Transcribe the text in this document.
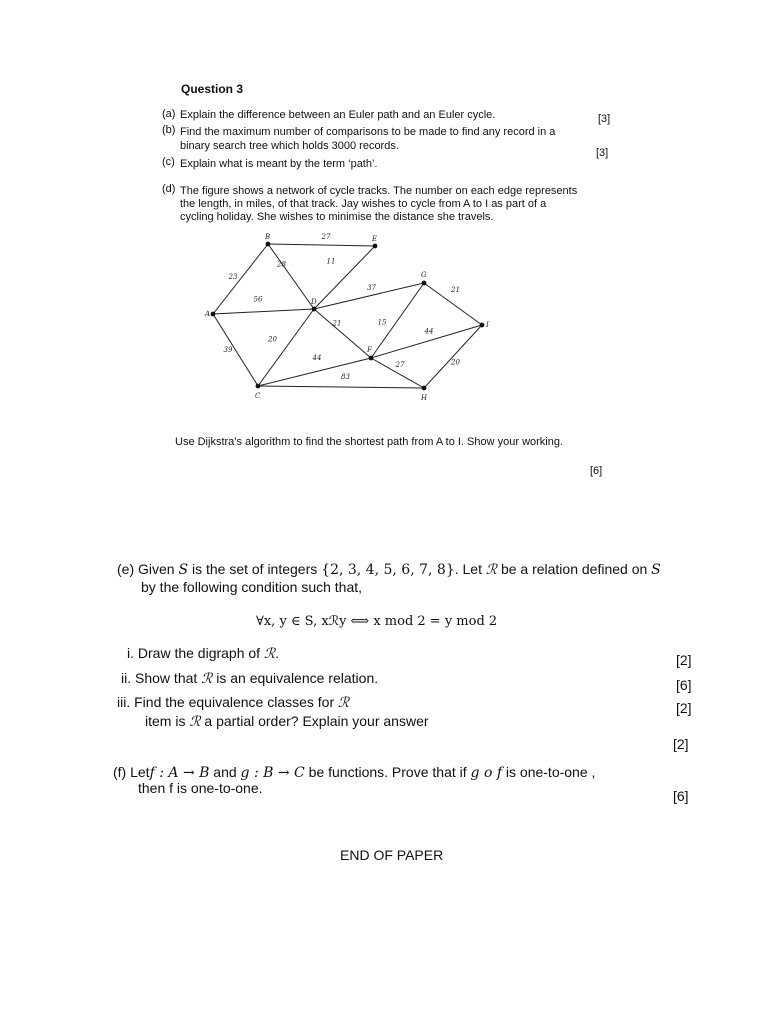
Question 3
(a) Explain the difference between an Euler path and an Euler cycle.	[3]
(b) Find the maximum number of comparisons to be made to find any record in a
binary search tree which holds 3000 records.
[3]
(c) Explain what is meant by the term ‘path’.
(d) The figure shows a network of cycle tracks. The number on each edge represents
the length, in miles, of that track. Jay wishes to cycle from A to I as part of a
cycling holiday. She wishes to minimise the distance she travels.
27
23
28	11
37	21
56
21	15
44
20
39
20
44
27
83
A
B
C
D
E
F
G
H
I
Use Dijkstra’s algorithm to find the shortest path from A to I. Show your working.
[6]
(e) Given S is the set of integers {2, 3, 4, 5, 6, 7, 8}. Let ℛ be a relation defined on S
by the following condition such that,
∀x, y ∈ S, xℛy ⟺ x mod 2 = y mod 2
i. Draw the digraph of ℛ.	[2]
ii. Show that ℛ is an equivalence relation.	[6]
iii. Find the equivalence classes for ℛ	[2]
item is ℛ a partial order? Explain your answer
[2]
(f) Letf : A → B and g : B → C be functions. Prove that if g o f is one-to-one ,
then f is one-to-one.	[6]
END OF PAPER
